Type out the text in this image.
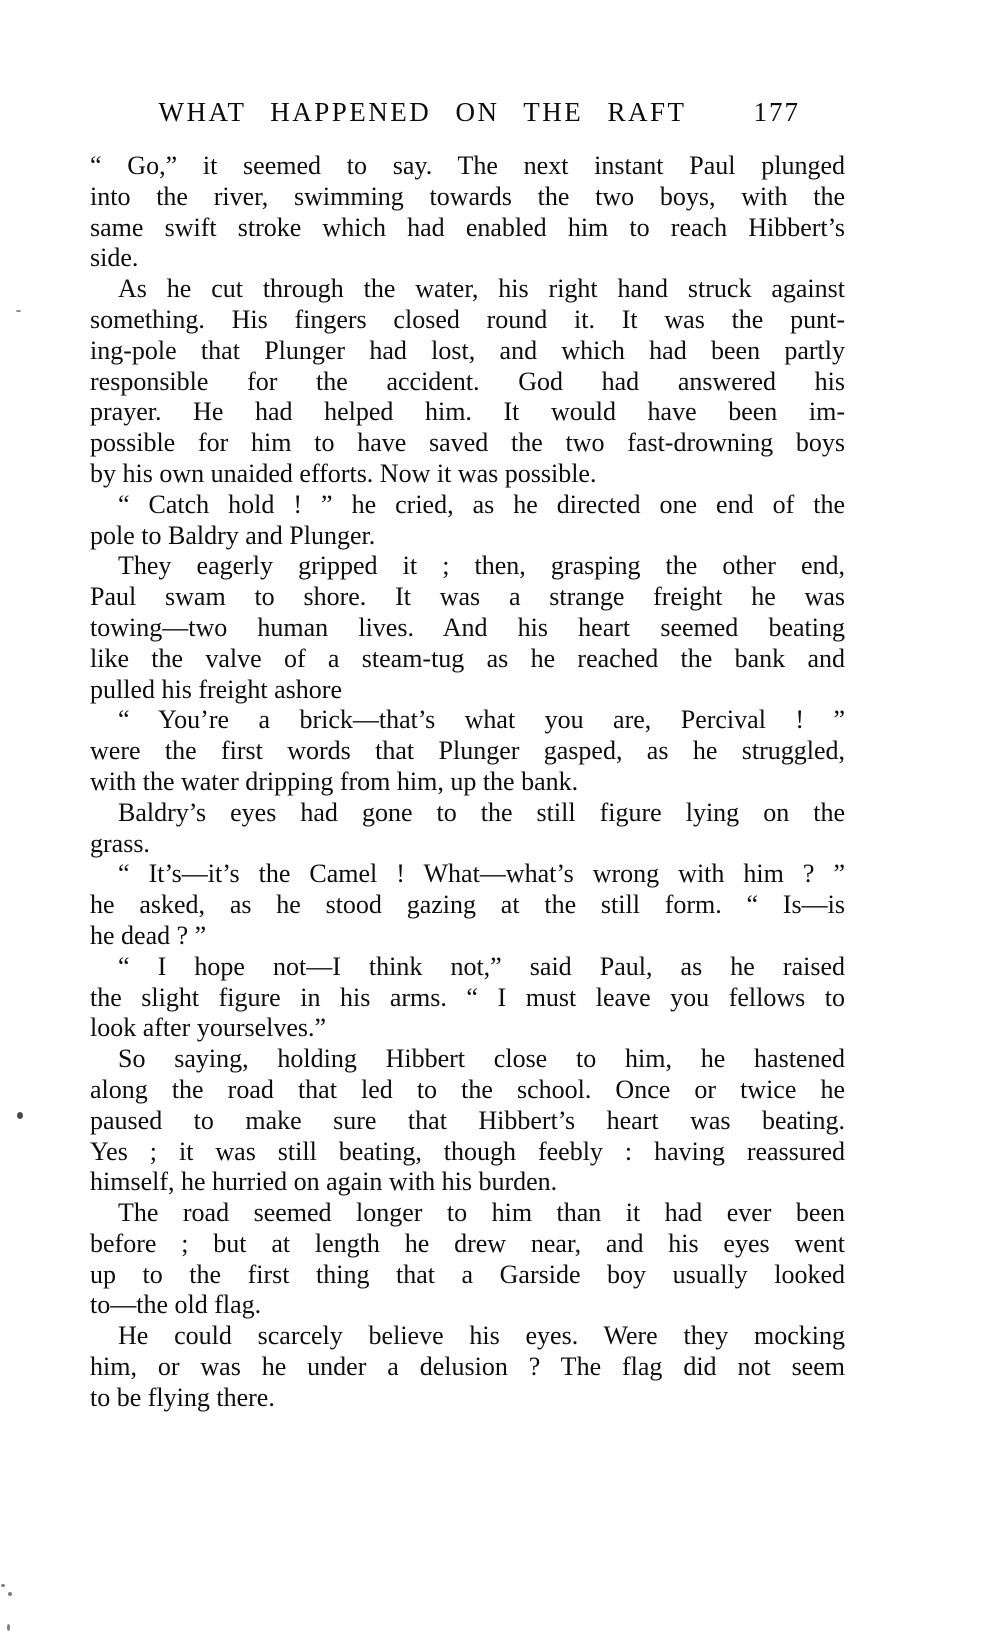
WHAT HAPPENED ON THE RAFT	177
“ Go,” it seemed to say. The next instant Paul plunged
into the river, swimming towards the two boys, with the
same swift stroke which had enabled him to reach Hibbert’s
side.
As he cut through the water, his right hand struck against
something. His fingers closed round it. It was the punt-
ing-pole that Plunger had lost, and which had been partly
responsible for the accident. God had answered his
prayer. He had helped him. It would have been im-
possible for him to have saved the two fast-drowning boys
by his own unaided efforts. Now it was possible.
“ Catch hold ! ” he cried, as he directed one end of the
pole to Baldry and Plunger.
They eagerly gripped it ; then, grasping the other end,
Paul swam to shore. It was a strange freight he was
towing—two human lives. And his heart seemed beating
like the valve of a steam-tug as he reached the bank and
pulled his freight ashore
“ You’re a brick—that’s what you are, Percival ! ”
were the first words that Plunger gasped, as he struggled,
with the water dripping from him, up the bank.
Baldry’s eyes had gone to the still figure lying on the
grass.
“ It’s—it’s the Camel ! What—what’s wrong with him ? ”
he asked, as he stood gazing at the still form. “ Is—is
he dead ? ”
“ I hope not—I think not,” said Paul, as he raised
the slight figure in his arms. “ I must leave you fellows to
look after yourselves.”
So saying, holding Hibbert close to him, he hastened
along the road that led to the school. Once or twice he
paused to make sure that Hibbert’s heart was beating.
Yes ; it was still beating, though feebly : having reassured
himself, he hurried on again with his burden.
The road seemed longer to him than it had ever been
before ; but at length he drew near, and his eyes went
up to the first thing that a Garside boy usually looked
to—the old flag.
He could scarcely believe his eyes. Were they mocking
him, or was he under a delusion ? The flag did not seem
to be flying there.
